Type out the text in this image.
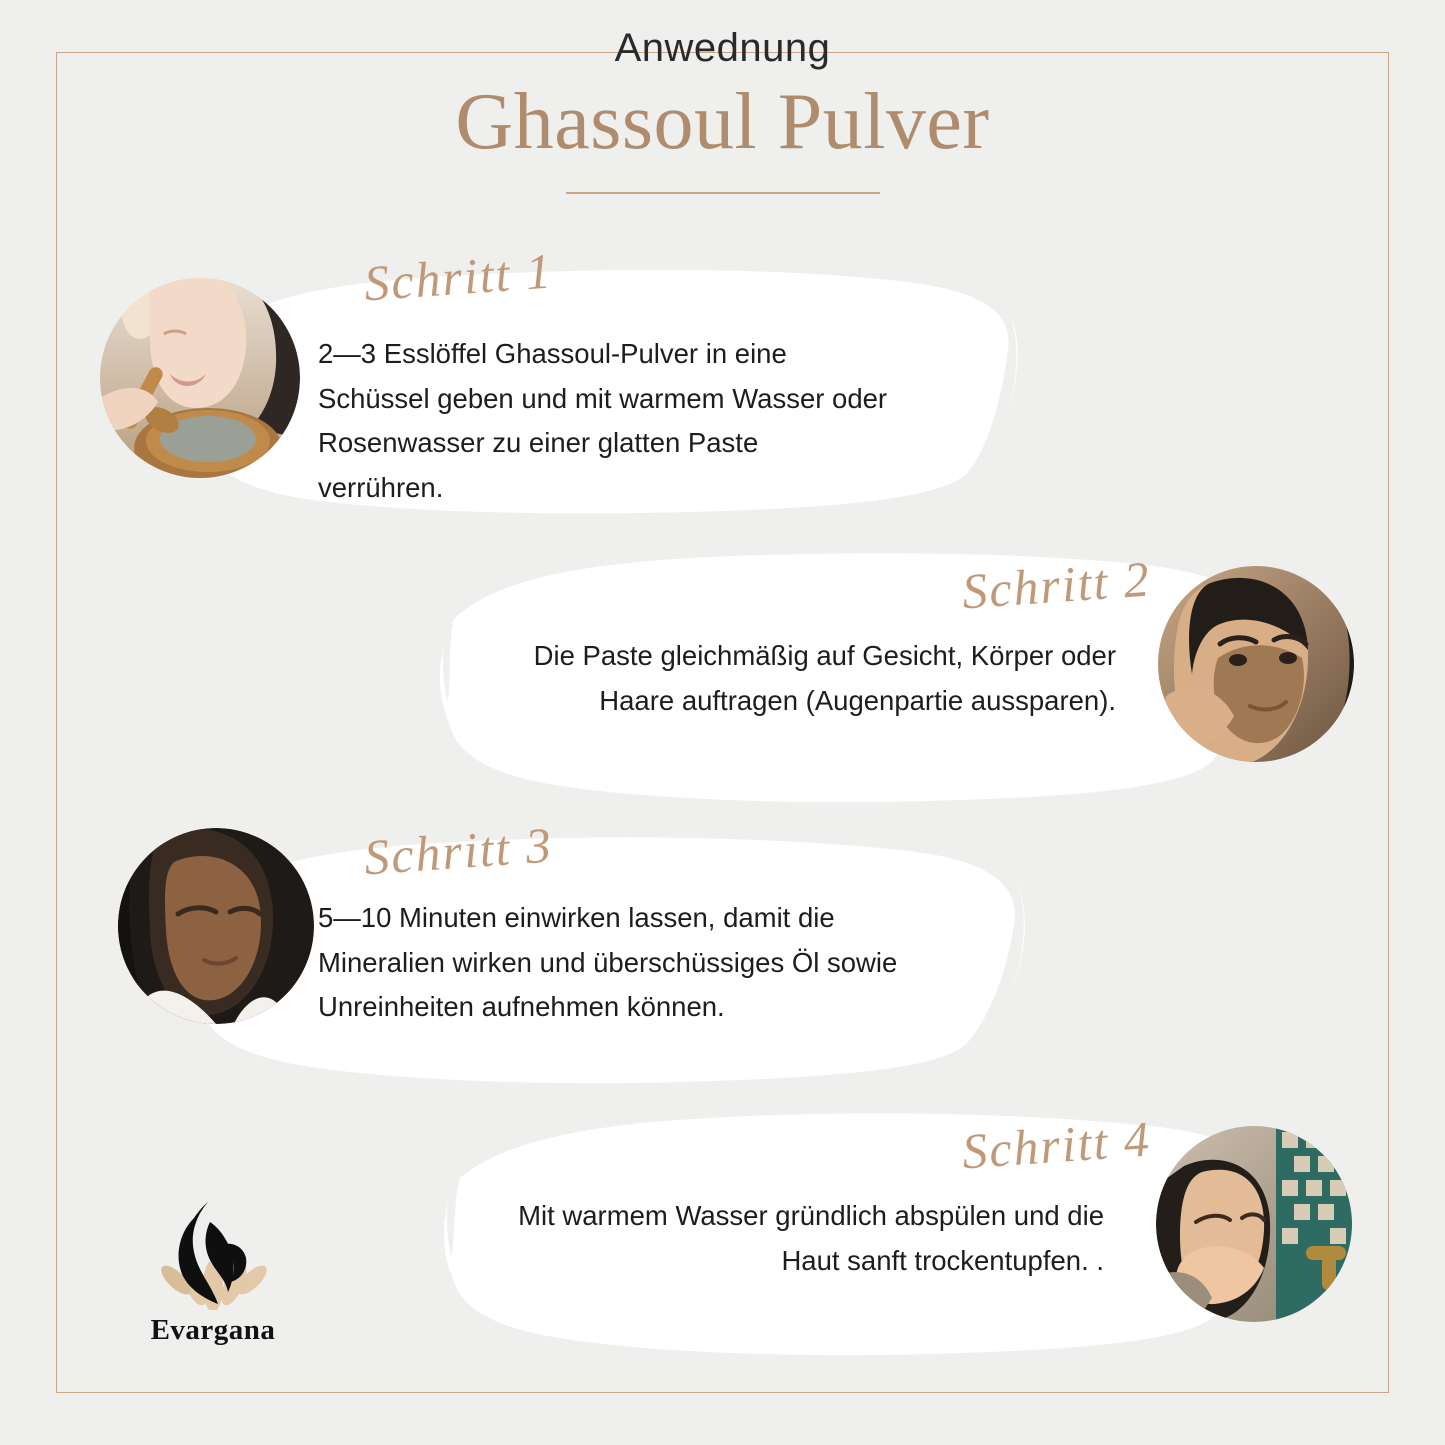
Anwednung
Ghassoul Pulver
Schritt 1
2—3 Esslöffel Ghassoul-Pulver in eine Schüssel geben und mit warmem Wasser oder Rosenwasser zu einer glatten Paste verrühren.
Schritt 2
Die Paste gleichmäßig auf Gesicht, Körper oder Haare auftragen (Augenpartie aussparen).
Schritt 3
5—10 Minuten einwirken lassen, damit die Mineralien wirken und überschüssiges Öl sowie Unreinheiten aufnehmen können.
Schritt 4
Mit warmem Wasser gründlich abspülen und die Haut sanft trockentupfen. .
Evargana
